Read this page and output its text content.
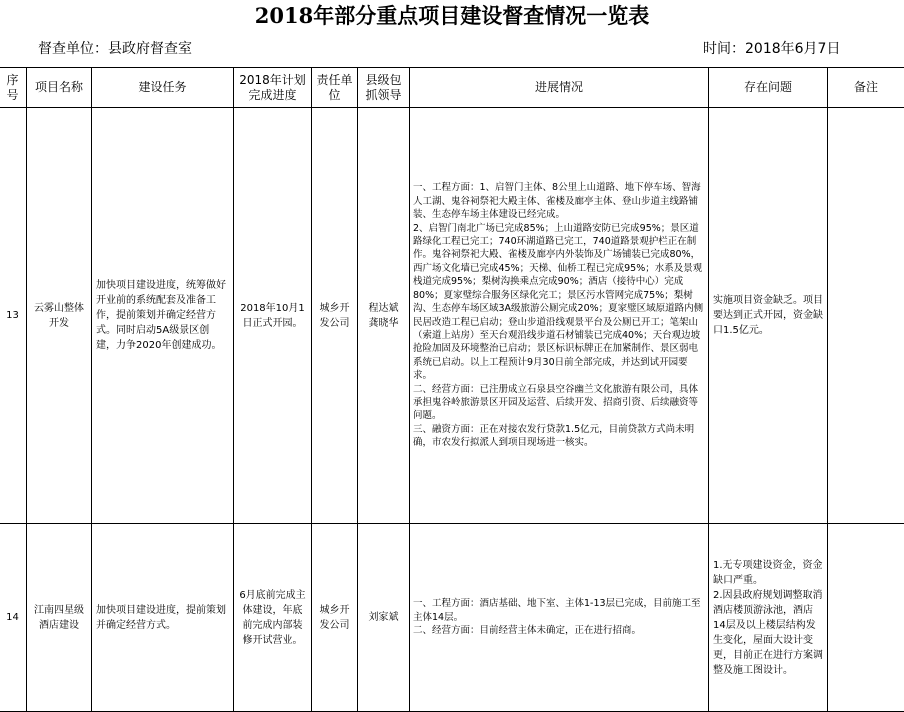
2018年部分重点项目建设督查情况一览表
督查单位：县政府督查室	时间：2018年6月7日
序号	项目名称	建设任务	2018年计划完成进度	责任单位	县级包抓领导	进展情况	存在问题	备注
13	云雾山整体开发	加快项目建设进度，统筹做好开业前的系统配套及准备工作，提前策划并确定经营方式。同时启动5A级景区创建，力争2020年创建成功。	2018年10月1日正式开园。	城乡开发公司	程达斌 龚晓华	一、工程方面：1、启智门主体、8公里上山道路、地下停车场、智海人工湖、鬼谷祠祭祀大殿主体、雀楼及廊亭主体、登山步道主线路铺装、生态停车场主体建设已经完成。
2、启智门南北广场已完成85%；上山道路安防已完成95%；景区道路绿化工程已完工；740环湖道路已完工，740道路景观护栏正在制作。鬼谷祠祭祀大殿、雀楼及廊亭内外装饰及广场铺装已完成80%，西广场文化墙已完成45%；天梯、仙桥工程已完成95%；水系及景观栈道完成95%；梨树沟换乘点完成90%；酒店（接待中心）完成80%；夏家璧综合服务区绿化完工；景区污水管网完成75%；梨树沟、生态停车场区域3A级旅游公厕完成20%；夏家璧区域原道路内侧民居改造工程已启动；登山步道沿线观景平台及公厕已开工；笔架山（索道上站房）至天台观沿线步道石材铺装已完成40%；天台观边坡抢险加固及环境整治已启动；景区标识标牌正在加紧制作、景区弱电系统已启动。以上工程预计9月30日前全部完成，并达到试开园要求。
二、经营方面：已注册成立石泉县空谷幽兰文化旅游有限公司，具体承担鬼谷岭旅游景区开园及运营、后续开发、招商引资、后续融资等问题。
三、融资方面：正在对接农发行贷款1.5亿元，目前贷款方式尚未明确，市农发行拟派人到项目现场进一核实。	实施项目资金缺乏。项目要达到正式开园，资金缺口1.5亿元。	
14	江南四星级酒店建设	加快项目建设进度，提前策划并确定经营方式。	6月底前完成主体建设，年底前完成内部装修开试营业。	城乡开发公司	刘家斌	一、工程方面：酒店基础、地下室、主体1-13层已完成，目前施工至主体14层。
二、经营方面：目前经营主体未确定，正在进行招商。	1.无专项建设资金，资金缺口严重。
2.因县政府规划调整取消酒店楼顶游泳池，酒店14层及以上楼层结构发生变化，屋面大设计变更，目前正在进行方案调整及施工图设计。	
